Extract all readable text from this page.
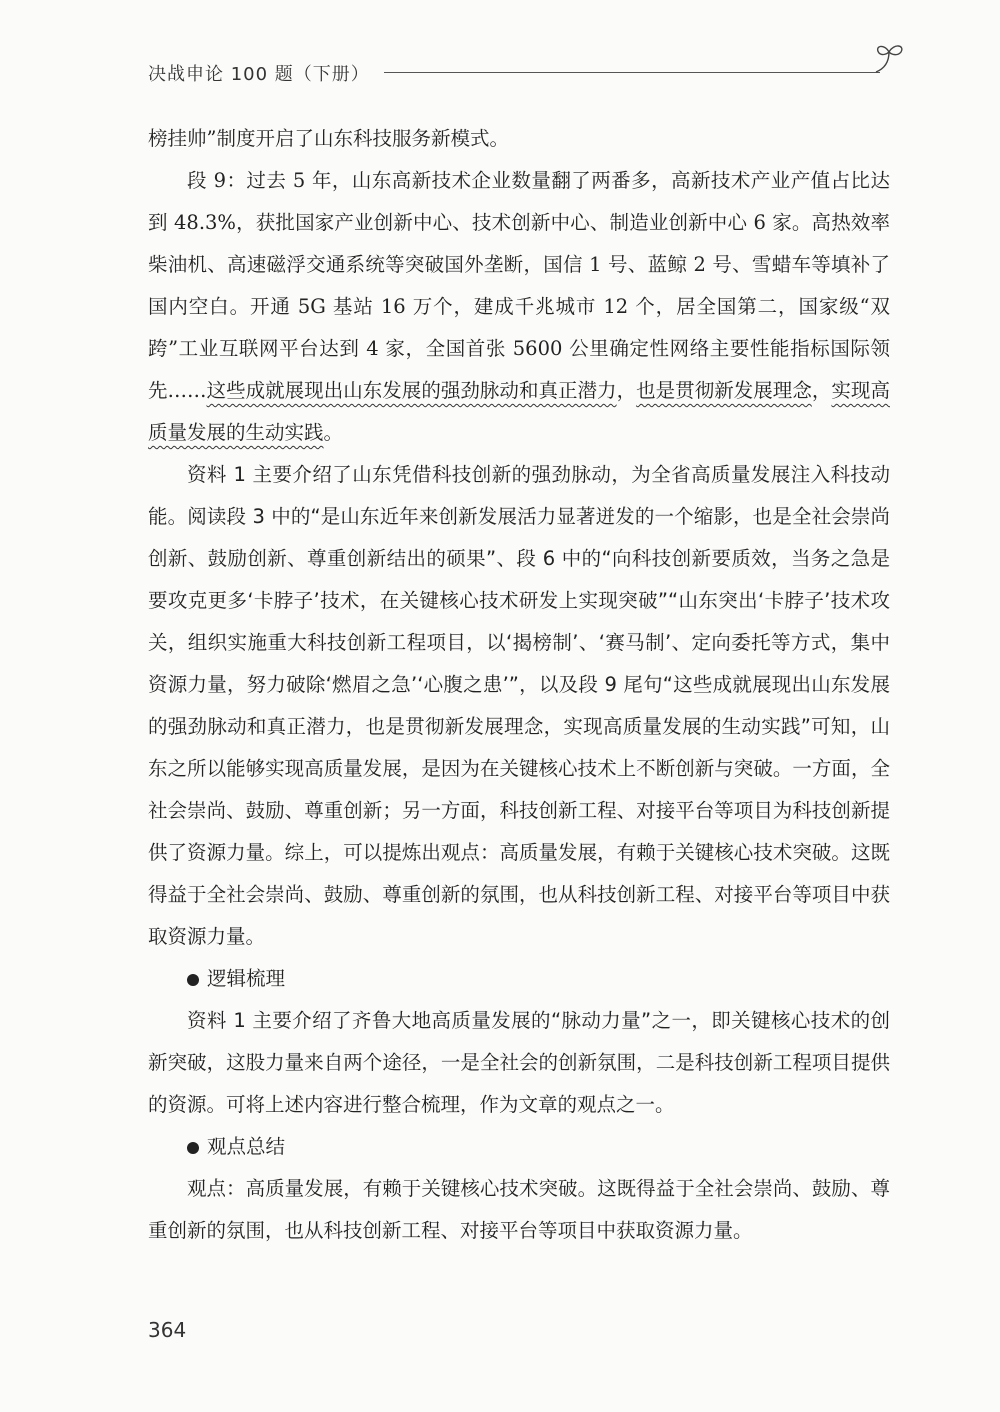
决战申论 100 题（下册）

榜挂帅”制度开启了山东科技服务新模式。

段 9：过去 5 年，山东高新技术企业数量翻了两番多，高新技术产业产值占比达到 48.3%，获批国家产业创新中心、技术创新中心、制造业创新中心 6 家。高热效率柴油机、高速磁浮交通系统等突破国外垄断，国信 1 号、蓝鲸 2 号、雪蜡车等填补了国内空白。开通 5G 基站 16 万个，建成千兆城市 12 个，居全国第二，国家级“双跨”工业互联网平台达到 4 家，全国首张 5600 公里确定性网络主要性能指标国际领先……这些成就展现出山东发展的强劲脉动和真正潜力，也是贯彻新发展理念，实现高质量发展的生动实践。

资料 1 主要介绍了山东凭借科技创新的强劲脉动，为全省高质量发展注入科技动能。阅读段 3 中的“是山东近年来创新发展活力显著迸发的一个缩影，也是全社会崇尚创新、鼓励创新、尊重创新结出的硕果”、段 6 中的“向科技创新要质效，当务之急是要攻克更多‘卡脖子’技术，在关键核心技术研发上实现突破”“山东突出‘卡脖子’技术攻关，组织实施重大科技创新工程项目，以‘揭榜制’、‘赛马制’、定向委托等方式，集中资源力量，努力破除‘燃眉之急’‘心腹之患’”，以及段 9 尾句“这些成就展现出山东发展的强劲脉动和真正潜力，也是贯彻新发展理念，实现高质量发展的生动实践”可知，山东之所以能够实现高质量发展，是因为在关键核心技术上不断创新与突破。一方面，全社会崇尚、鼓励、尊重创新；另一方面，科技创新工程、对接平台等项目为科技创新提供了资源力量。综上，可以提炼出观点：高质量发展，有赖于关键核心技术突破。这既得益于全社会崇尚、鼓励、尊重创新的氛围，也从科技创新工程、对接平台等项目中获取资源力量。

逻辑梳理

资料 1 主要介绍了齐鲁大地高质量发展的“脉动力量”之一，即关键核心技术的创新突破，这股力量来自两个途径，一是全社会的创新氛围，二是科技创新工程项目提供的资源。可将上述内容进行整合梳理，作为文章的观点之一。

观点总结

观点：高质量发展，有赖于关键核心技术突破。这既得益于全社会崇尚、鼓励、尊重创新的氛围，也从科技创新工程、对接平台等项目中获取资源力量。

364
